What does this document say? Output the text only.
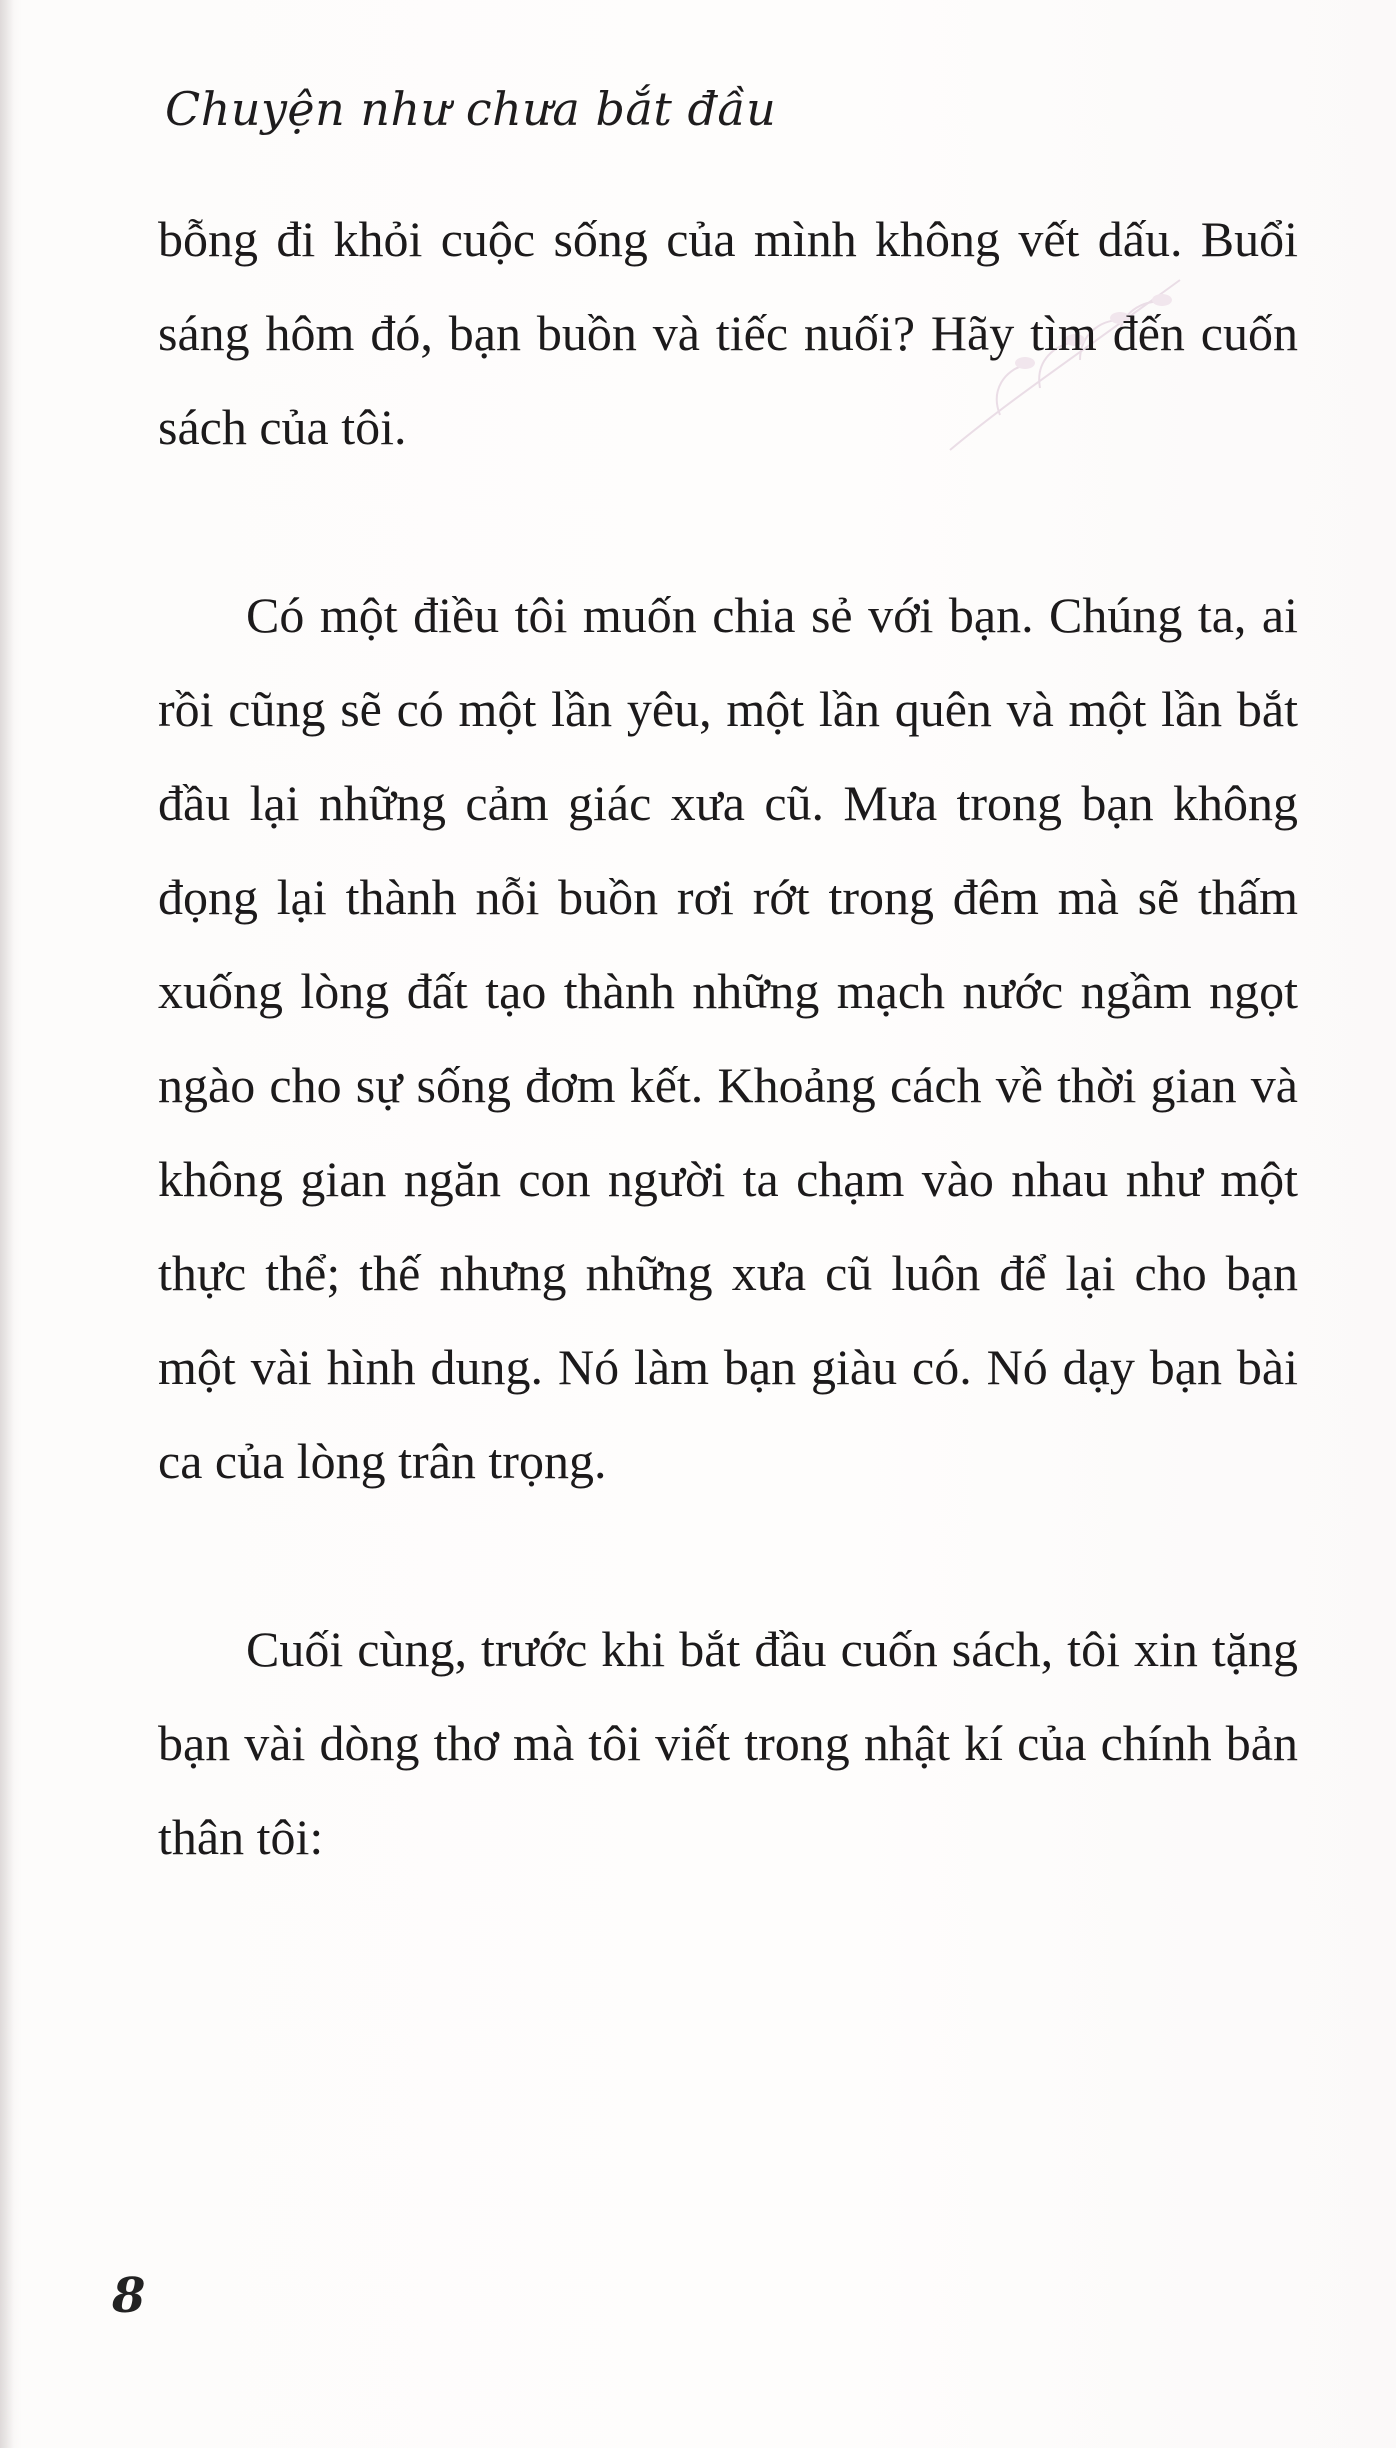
Chuyện như chưa bắt đầu

bỗng đi khỏi cuộc sống của mình không vết dấu. Buổi sáng hôm đó, bạn buồn và tiếc nuối? Hãy tìm đến cuốn sách của tôi.

Có một điều tôi muốn chia sẻ với bạn. Chúng ta, ai rồi cũng sẽ có một lần yêu, một lần quên và một lần bắt đầu lại những cảm giác xưa cũ. Mưa trong bạn không đọng lại thành nỗi buồn rơi rớt trong đêm mà sẽ thấm xuống lòng đất tạo thành những mạch nước ngầm ngọt ngào cho sự sống đơm kết. Khoảng cách về thời gian và không gian ngăn con người ta chạm vào nhau như một thực thể; thế nhưng những xưa cũ luôn để lại cho bạn một vài hình dung. Nó làm bạn giàu có. Nó dạy bạn bài ca của lòng trân trọng.

Cuối cùng, trước khi bắt đầu cuốn sách, tôi xin tặng bạn vài dòng thơ mà tôi viết trong nhật kí của chính bản thân tôi:

8
